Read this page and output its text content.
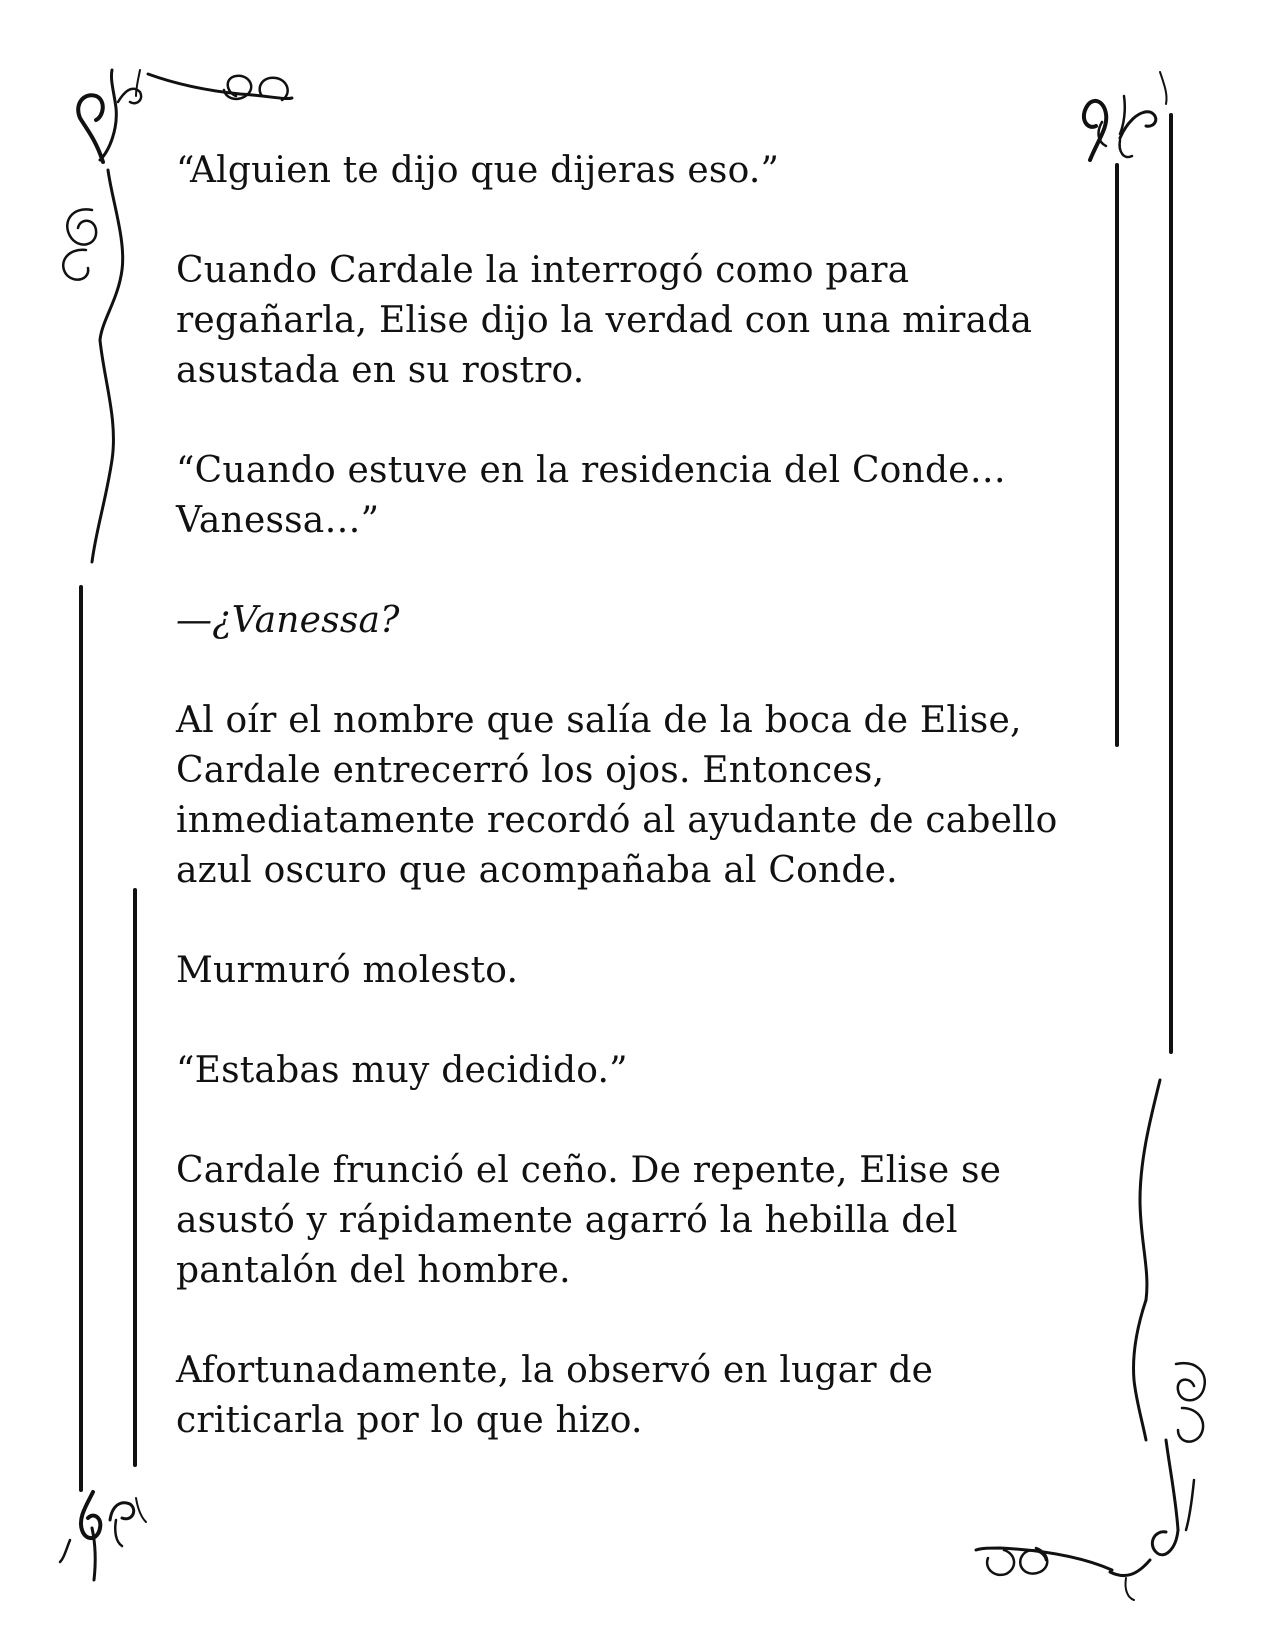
“Alguien te dijo que dijeras eso.”

Cuando Cardale la interrogó como para
regañarla, Elise dijo la verdad con una mirada
asustada en su rostro.

“Cuando estuve en la residencia del Conde…
Vanessa…”

—¿Vanessa?

Al oír el nombre que salía de la boca de Elise,
Cardale entrecerró los ojos. Entonces,
inmediatamente recordó al ayudante de cabello
azul oscuro que acompañaba al Conde.

Murmuró molesto.

“Estabas muy decidido.”

Cardale frunció el ceño. De repente, Elise se
asustó y rápidamente agarró la hebilla del
pantalón del hombre.

Afortunadamente, la observó en lugar de
criticarla por lo que hizo.
